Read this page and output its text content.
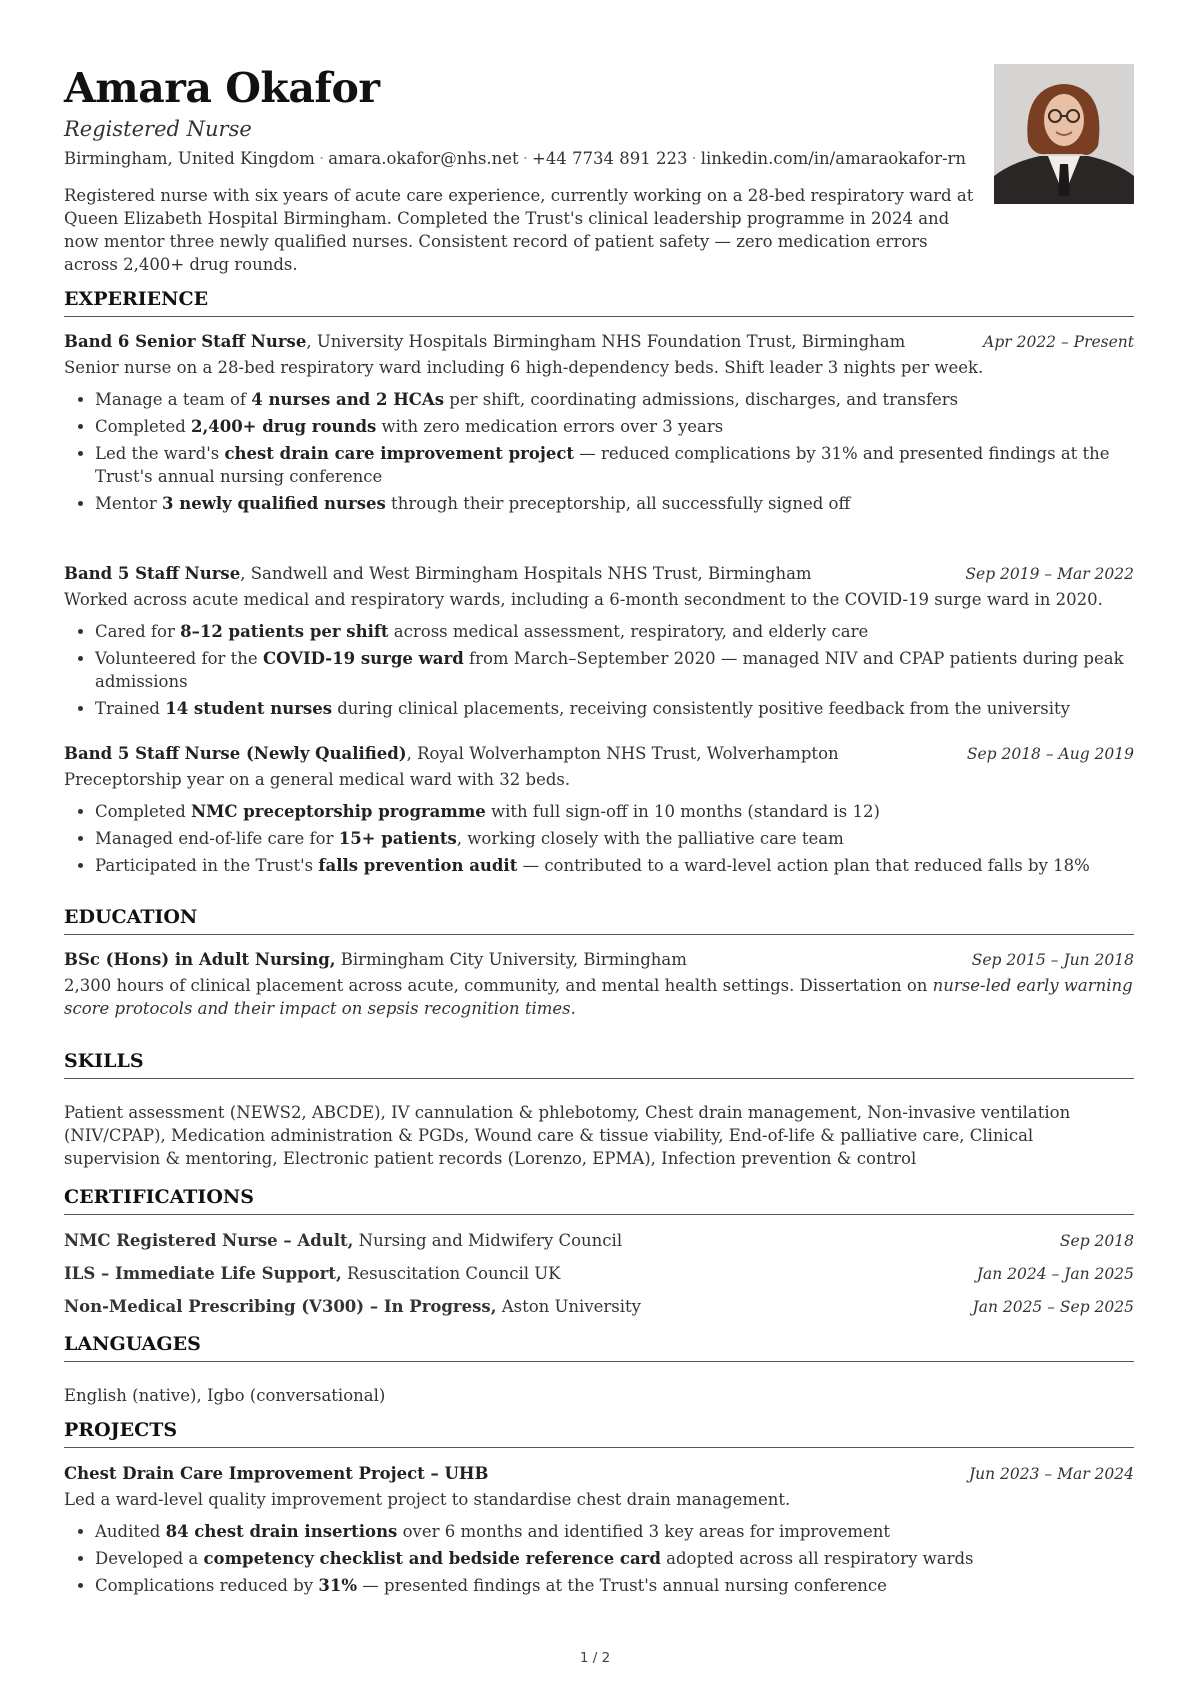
Amara Okafor
Registered Nurse
Birmingham, United Kingdom · amara.okafor@nhs.net · +44 7734 891 223 · linkedin.com/in/amaraokafor-rn
Registered nurse with six years of acute care experience, currently working on a 28-bed respiratory ward at Queen Elizabeth Hospital Birmingham. Completed the Trust's clinical leadership programme in 2024 and now mentor three newly qualified nurses. Consistent record of patient safety — zero medication errors across 2,400+ drug rounds.
EXPERIENCE
Band 6 Senior Staff Nurse, University Hospitals Birmingham NHS Foundation Trust, Birmingham	Apr 2022 – Present
Senior nurse on a 28-bed respiratory ward including 6 high-dependency beds. Shift leader 3 nights per week.
• Manage a team of 4 nurses and 2 HCAs per shift, coordinating admissions, discharges, and transfers
• Completed 2,400+ drug rounds with zero medication errors over 3 years
• Led the ward's chest drain care improvement project — reduced complications by 31% and presented findings at the Trust's annual nursing conference
• Mentor 3 newly qualified nurses through their preceptorship, all successfully signed off
Band 5 Staff Nurse, Sandwell and West Birmingham Hospitals NHS Trust, Birmingham	Sep 2019 – Mar 2022
Worked across acute medical and respiratory wards, including a 6-month secondment to the COVID-19 surge ward in 2020.
• Cared for 8–12 patients per shift across medical assessment, respiratory, and elderly care
• Volunteered for the COVID-19 surge ward from March–September 2020 — managed NIV and CPAP patients during peak admissions
• Trained 14 student nurses during clinical placements, receiving consistently positive feedback from the university
Band 5 Staff Nurse (Newly Qualified), Royal Wolverhampton NHS Trust, Wolverhampton	Sep 2018 – Aug 2019
Preceptorship year on a general medical ward with 32 beds.
• Completed NMC preceptorship programme with full sign-off in 10 months (standard is 12)
• Managed end-of-life care for 15+ patients, working closely with the palliative care team
• Participated in the Trust's falls prevention audit — contributed to a ward-level action plan that reduced falls by 18%
EDUCATION
BSc (Hons) in Adult Nursing, Birmingham City University, Birmingham	Sep 2015 – Jun 2018
2,300 hours of clinical placement across acute, community, and mental health settings. Dissertation on nurse-led early warning score protocols and their impact on sepsis recognition times.
SKILLS
Patient assessment (NEWS2, ABCDE), IV cannulation & phlebotomy, Chest drain management, Non-invasive ventilation (NIV/CPAP), Medication administration & PGDs, Wound care & tissue viability, End-of-life & palliative care, Clinical supervision & mentoring, Electronic patient records (Lorenzo, EPMA), Infection prevention & control
CERTIFICATIONS
NMC Registered Nurse – Adult, Nursing and Midwifery Council	Sep 2018
ILS – Immediate Life Support, Resuscitation Council UK	Jan 2024 – Jan 2025
Non-Medical Prescribing (V300) – In Progress, Aston University	Jan 2025 – Sep 2025
LANGUAGES
English (native), Igbo (conversational)
PROJECTS
Chest Drain Care Improvement Project – UHB	Jun 2023 – Mar 2024
Led a ward-level quality improvement project to standardise chest drain management.
• Audited 84 chest drain insertions over 6 months and identified 3 key areas for improvement
• Developed a competency checklist and bedside reference card adopted across all respiratory wards
• Complications reduced by 31% — presented findings at the Trust's annual nursing conference
1 / 2
